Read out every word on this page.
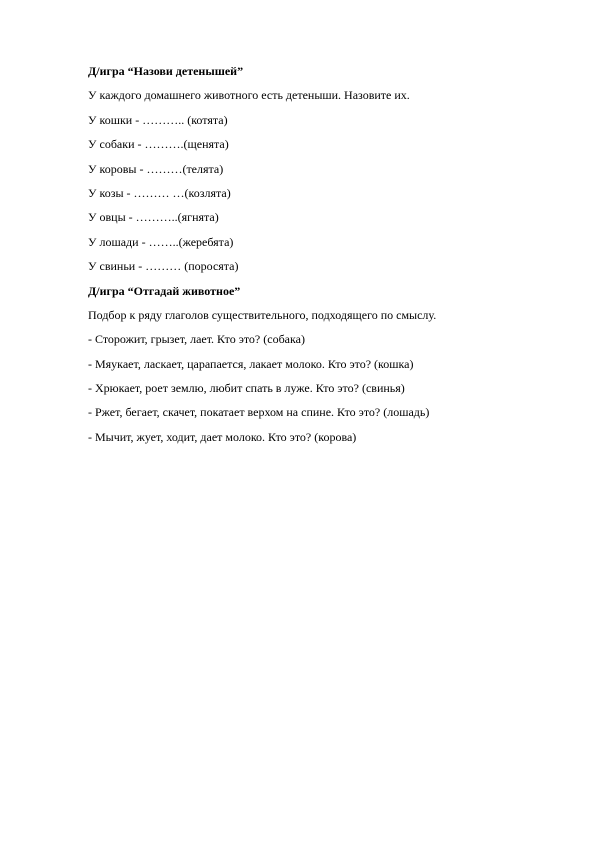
Д/игра “Назови детенышей”
У каждого домашнего животного есть детеныши. Назовите их.
У кошки - ……….. (котята)
У собаки - ……….(щенята)
У коровы - ………(телята)
У козы - ……… …(козлята)
У овцы - ………..(ягнята)
У лошади - ……..(жеребята)
У свиньи - ……… (поросята)
Д/игра “Отгадай животное”
Подбор к ряду глаголов существительного, подходящего по смыслу.
- Сторожит, грызет, лает. Кто это? (собака)
- Мяукает, ласкает, царапается, лакает молоко. Кто это? (кошка)
- Хрюкает, роет землю, любит спать в луже. Кто это? (свинья)
- Ржет, бегает, скачет, покатает верхом на спине. Кто это? (лошадь)
- Мычит, жует, ходит, дает молоко. Кто это? (корова)
